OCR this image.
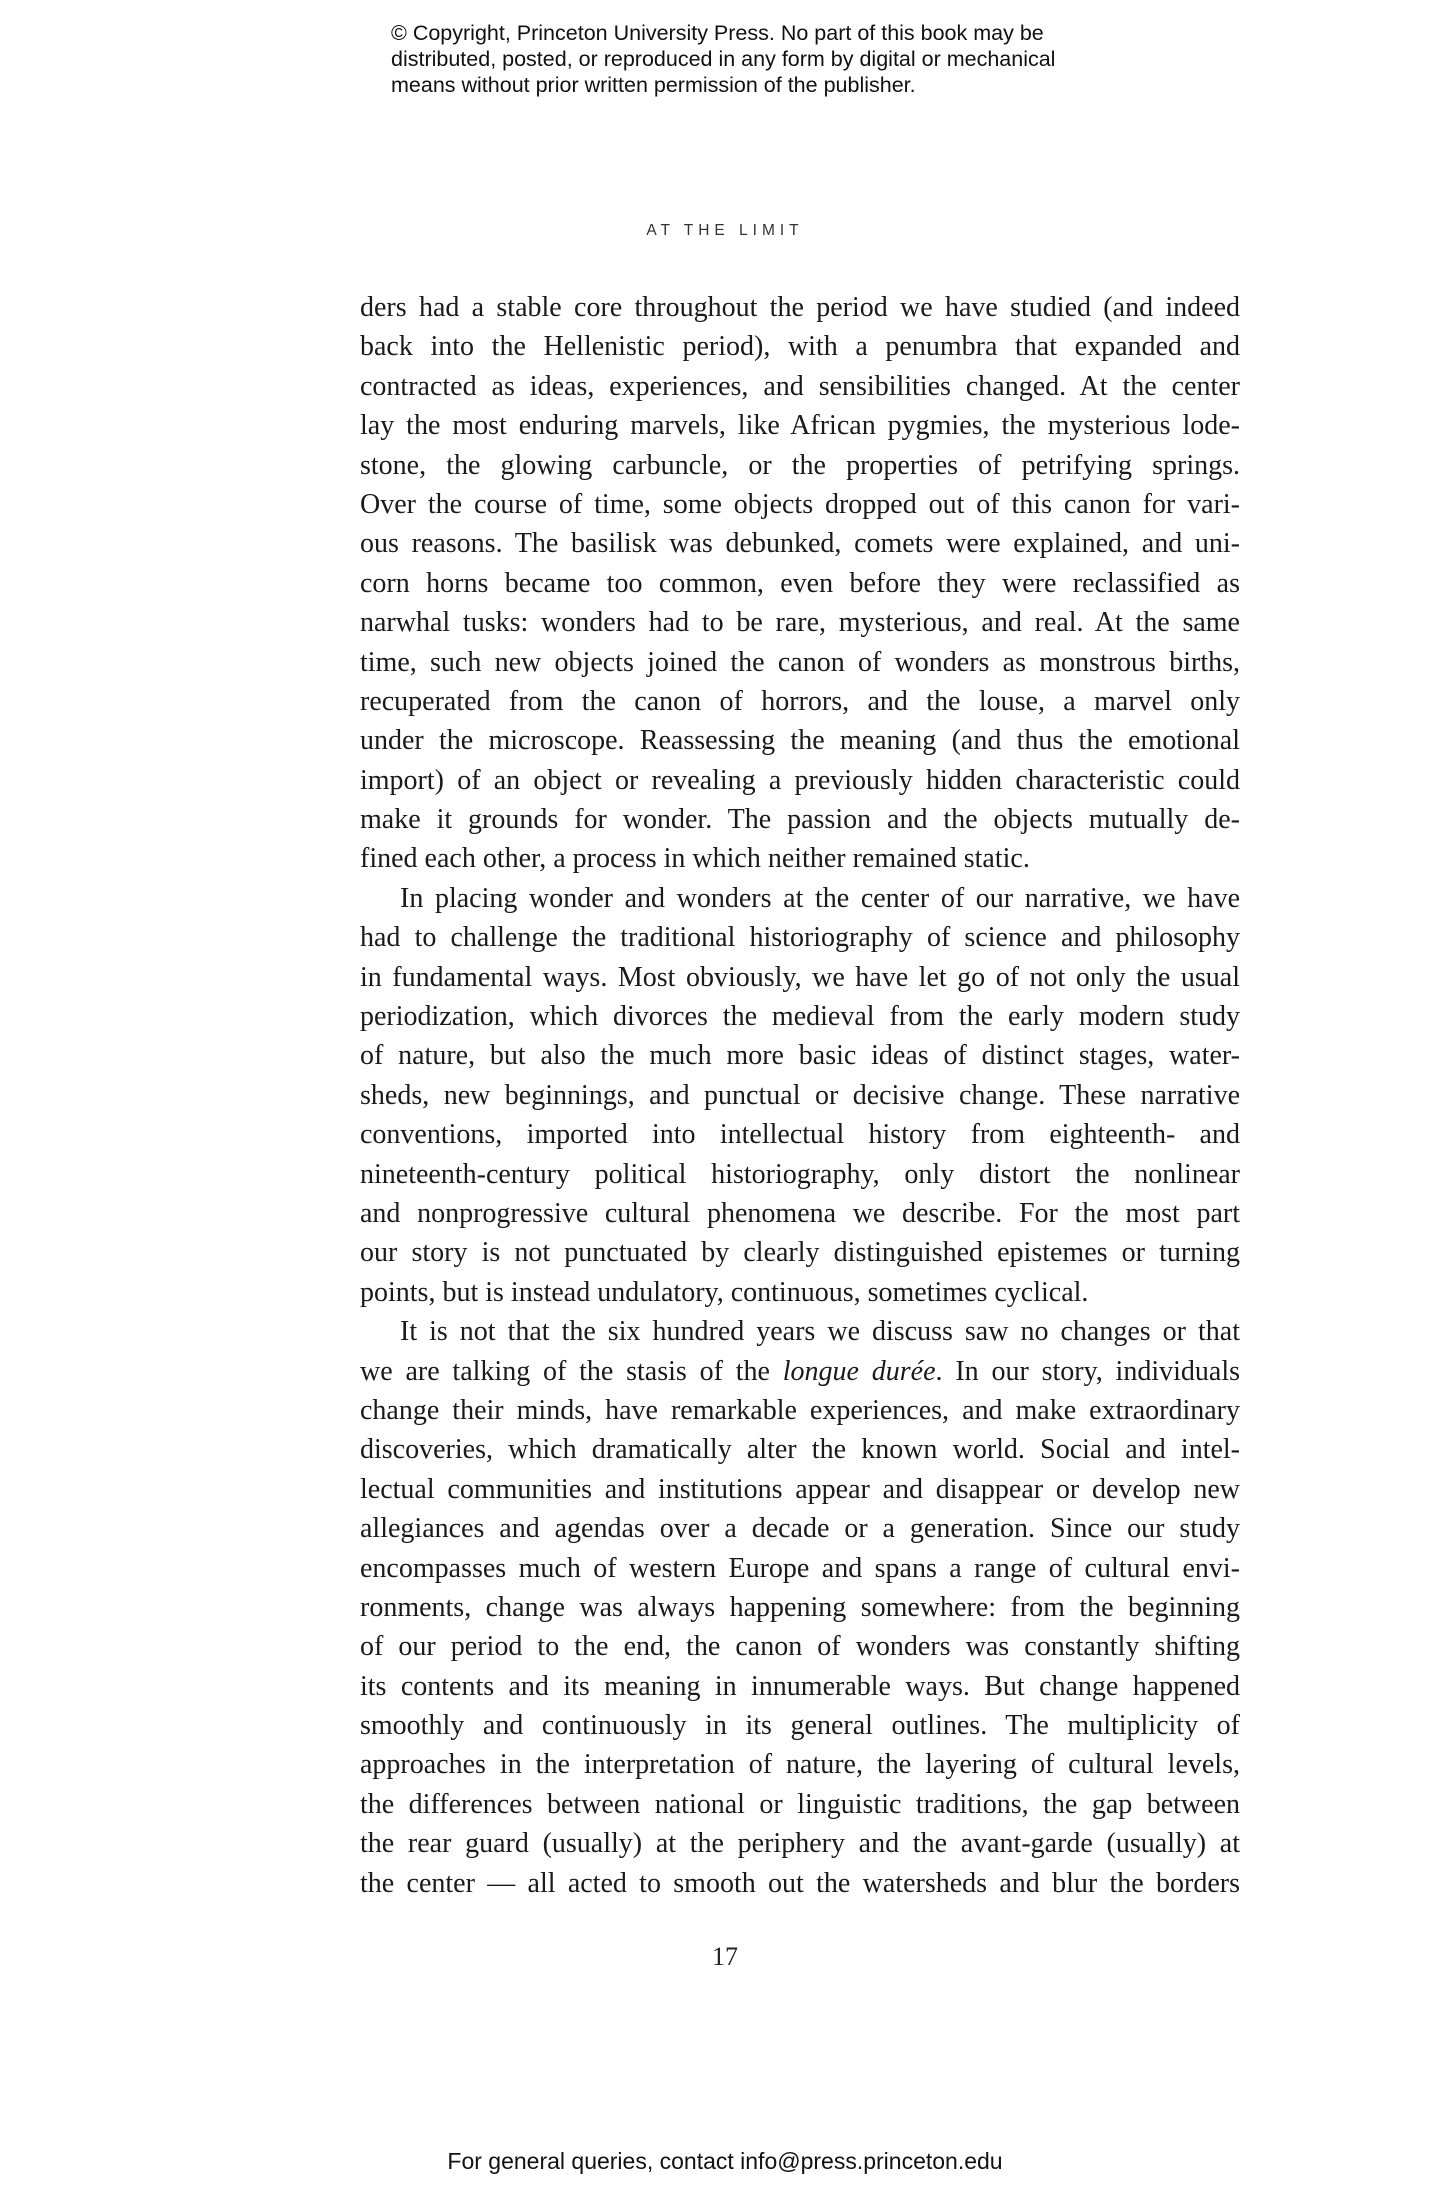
© Copyright, Princeton University Press. No part of this book may be
distributed, posted, or reproduced in any form by digital or mechanical
means without prior written permission of the publisher.
AT THE LIMIT
ders had a stable core throughout the period we have studied (and indeed
back into the Hellenistic period), with a penumbra that expanded and
contracted as ideas, experiences, and sensibilities changed. At the center
lay the most enduring marvels, like African pygmies, the mysterious lode-
stone, the glowing carbuncle, or the properties of petrifying springs.
Over the course of time, some objects dropped out of this canon for vari-
ous reasons. The basilisk was debunked, comets were explained, and uni-
corn horns became too common, even before they were reclassified as
narwhal tusks: wonders had to be rare, mysterious, and real. At the same
time, such new objects joined the canon of wonders as monstrous births,
recuperated from the canon of horrors, and the louse, a marvel only
under the microscope. Reassessing the meaning (and thus the emotional
import) of an object or revealing a previously hidden characteristic could
make it grounds for wonder. The passion and the objects mutually de-
fined each other, a process in which neither remained static.
In placing wonder and wonders at the center of our narrative, we have
had to challenge the traditional historiography of science and philosophy
in fundamental ways. Most obviously, we have let go of not only the usual
periodization, which divorces the medieval from the early modern study
of nature, but also the much more basic ideas of distinct stages, water-
sheds, new beginnings, and punctual or decisive change. These narrative
conventions, imported into intellectual history from eighteenth- and
nineteenth-century political historiography, only distort the nonlinear
and nonprogressive cultural phenomena we describe. For the most part
our story is not punctuated by clearly distinguished epistemes or turning
points, but is instead undulatory, continuous, sometimes cyclical.
It is not that the six hundred years we discuss saw no changes or that
we are talking of the stasis of the longue durée. In our story, individuals
change their minds, have remarkable experiences, and make extraordinary
discoveries, which dramatically alter the known world. Social and intel-
lectual communities and institutions appear and disappear or develop new
allegiances and agendas over a decade or a generation. Since our study
encompasses much of western Europe and spans a range of cultural envi-
ronments, change was always happening somewhere: from the beginning
of our period to the end, the canon of wonders was constantly shifting
its contents and its meaning in innumerable ways. But change happened
smoothly and continuously in its general outlines. The multiplicity of
approaches in the interpretation of nature, the layering of cultural levels,
the differences between national or linguistic traditions, the gap between
the rear guard (usually) at the periphery and the avant-garde (usually) at
the center — all acted to smooth out the watersheds and blur the borders
17
For general queries, contact info@press.princeton.edu
